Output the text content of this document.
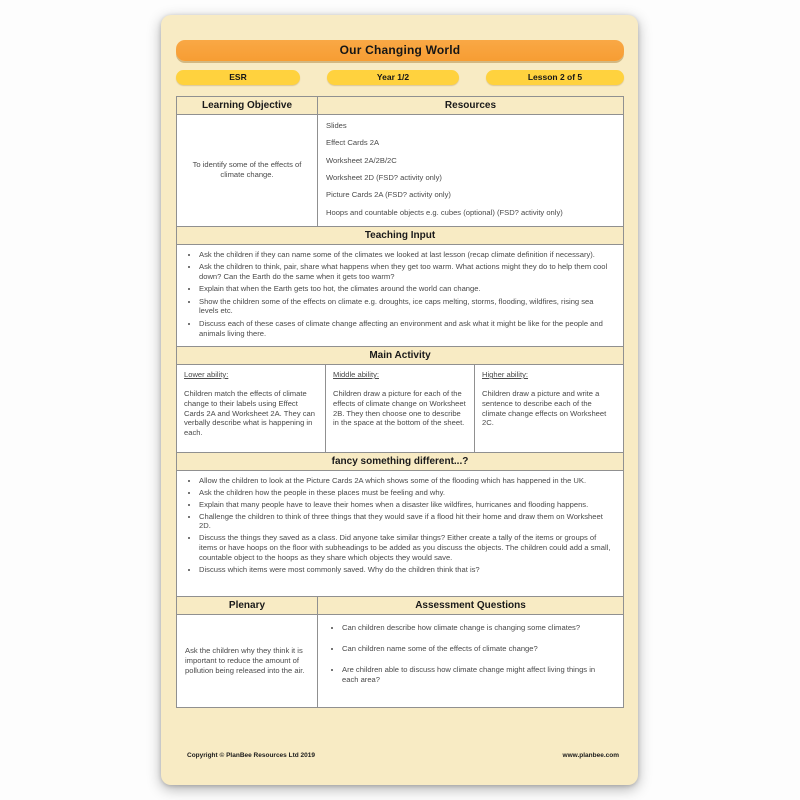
Our Changing World
ESR	Year 1/2	Lesson 2 of 5
Learning Objective	Resources
To identify some of the effects of climate change.
Slides
Effect Cards 2A
Worksheet 2A/2B/2C
Worksheet 2D (FSD? activity only)
Picture Cards 2A (FSD? activity only)
Hoops and countable objects e.g. cubes (optional) (FSD? activity only)
Teaching Input
• Ask the children if they can name some of the climates we looked at last lesson (recap climate definition if necessary).
• Ask the children to think, pair, share what happens when they get too warm. What actions might they do to help them cool down? Can the Earth do the same when it gets too warm?
• Explain that when the Earth gets too hot, the climates around the world can change.
• Show the children some of the effects on climate e.g. droughts, ice caps melting, storms, flooding, wildfires, rising sea levels etc.
• Discuss each of these cases of climate change affecting an environment and ask what it might be like for the people and animals living there.
Main Activity
Lower ability:
Children match the effects of climate change to their labels using Effect Cards 2A and Worksheet 2A. They can verbally describe what is happening in each.
Middle ability:
Children draw a picture for each of the effects of climate change on Worksheet 2B. They then choose one to describe in the space at the bottom of the sheet.
Higher ability:
Children draw a picture and write a sentence to describe each of the climate change effects on Worksheet 2C.
fancy something different...?
• Allow the children to look at the Picture Cards 2A which shows some of the flooding which has happened in the UK.
• Ask the children how the people in these places must be feeling and why.
• Explain that many people have to leave their homes when a disaster like wildfires, hurricanes and flooding happens.
• Challenge the children to think of three things that they would save if a flood hit their home and draw them on Worksheet 2D.
• Discuss the things they saved as a class. Did anyone take similar things? Either create a tally of the items or groups of items or have hoops on the floor with subheadings to be added as you discuss the objects. The children could add a small, countable object to the hoops as they share which objects they would save.
• Discuss which items were most commonly saved. Why do the children think that is?
Plenary	Assessment Questions
Ask the children why they think it is important to reduce the amount of pollution being released into the air.
• Can children describe how climate change is changing some climates?
• Can children name some of the effects of climate change?
• Are children able to discuss how climate change might affect living things in each area?
Copyright © PlanBee Resources Ltd 2019	www.planbee.com
